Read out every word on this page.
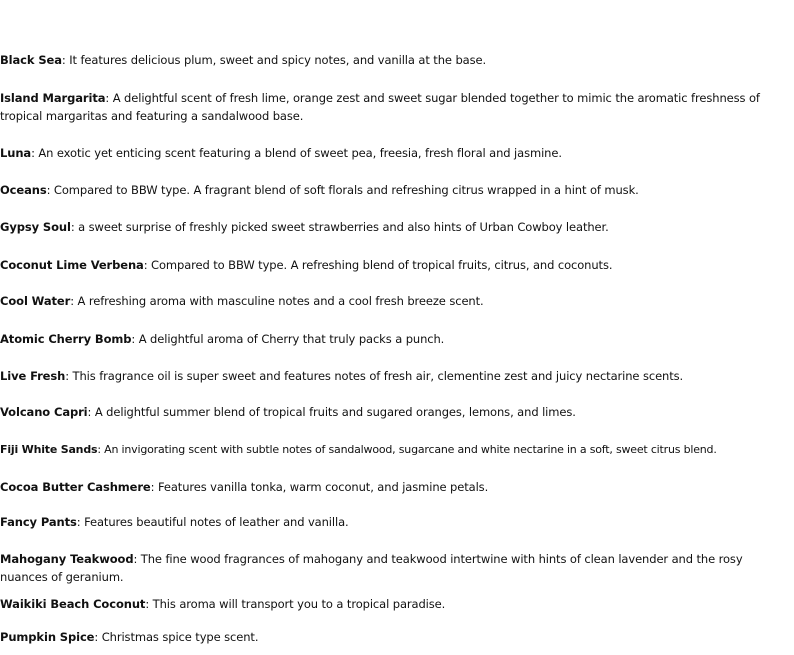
Black Sea: It features delicious plum, sweet and spicy notes, and vanilla at the base.

Island Margarita: A delightful scent of fresh lime, orange zest and sweet sugar blended together to mimic the aromatic freshness of tropical margaritas and featuring a sandalwood base.

Luna: An exotic yet enticing scent featuring a blend of sweet pea, freesia, fresh floral and jasmine.

Oceans: Compared to BBW type. A fragrant blend of soft florals and refreshing citrus wrapped in a hint of musk.

Gypsy Soul: a sweet surprise of freshly picked sweet strawberries and also hints of Urban Cowboy leather.

Coconut Lime Verbena: Compared to BBW type. A refreshing blend of tropical fruits, citrus, and coconuts.

Cool Water: A refreshing aroma with masculine notes and a cool fresh breeze scent.

Atomic Cherry Bomb: A delightful aroma of Cherry that truly packs a punch.

Live Fresh: This fragrance oil is super sweet and features notes of fresh air, clementine zest and juicy nectarine scents.

Volcano Capri: A delightful summer blend of tropical fruits and sugared oranges, lemons, and limes.

Fiji White Sands: An invigorating scent with subtle notes of sandalwood, sugarcane and white nectarine in a soft, sweet citrus blend.

Cocoa Butter Cashmere: Features vanilla tonka, warm coconut, and jasmine petals.

Fancy Pants: Features beautiful notes of leather and vanilla.

Mahogany Teakwood: The fine wood fragrances of mahogany and teakwood intertwine with hints of clean lavender and the rosy nuances of geranium.

Waikiki Beach Coconut: This aroma will transport you to a tropical paradise.

Pumpkin Spice: Christmas spice type scent.
